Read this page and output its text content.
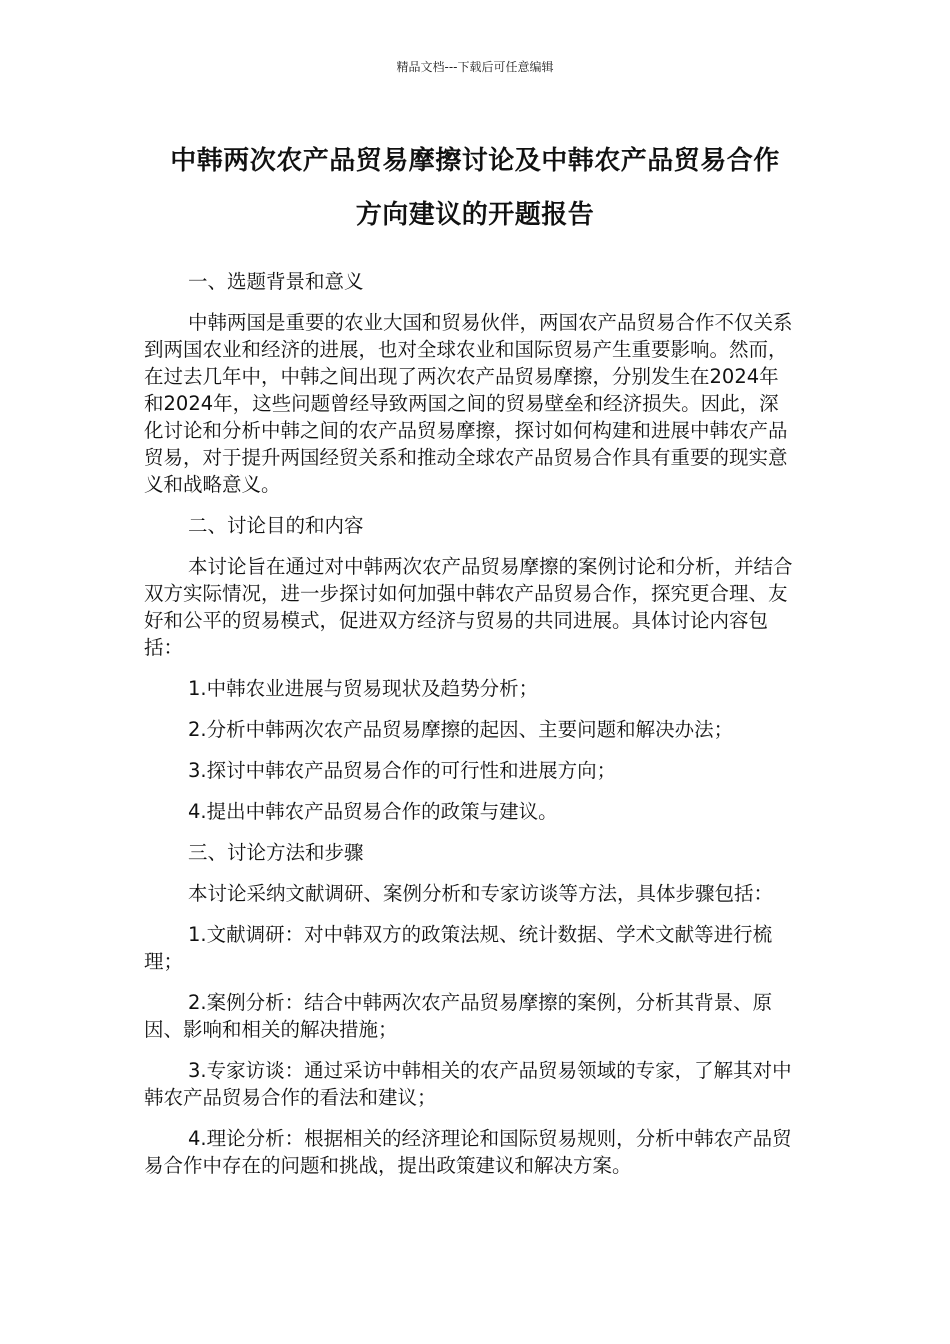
精品文档---下载后可任意编辑
中韩两次农产品贸易摩擦讨论及中韩农产品贸易合作
方向建议的开题报告

一、选题背景和意义

中韩两国是重要的农业大国和贸易伙伴，两国农产品贸易合作不仅关系到两国农业和经济的进展，也对全球农业和国际贸易产生重要影响。然而，在过去几年中，中韩之间出现了两次农产品贸易摩擦，分别发生在2024年和2024年，这些问题曾经导致两国之间的贸易壁垒和经济损失。因此，深化讨论和分析中韩之间的农产品贸易摩擦，探讨如何构建和进展中韩农产品贸易，对于提升两国经贸关系和推动全球农产品贸易合作具有重要的现实意义和战略意义。

二、讨论目的和内容

本讨论旨在通过对中韩两次农产品贸易摩擦的案例讨论和分析，并结合双方实际情况，进一步探讨如何加强中韩农产品贸易合作，探究更合理、友好和公平的贸易模式，促进双方经济与贸易的共同进展。具体讨论内容包括：

1.中韩农业进展与贸易现状及趋势分析；

2.分析中韩两次农产品贸易摩擦的起因、主要问题和解决办法；

3.探讨中韩农产品贸易合作的可行性和进展方向；

4.提出中韩农产品贸易合作的政策与建议。

三、讨论方法和步骤

本讨论采纳文献调研、案例分析和专家访谈等方法，具体步骤包括：

1.文献调研：对中韩双方的政策法规、统计数据、学术文献等进行梳理；

2.案例分析：结合中韩两次农产品贸易摩擦的案例，分析其背景、原因、影响和相关的解决措施；

3.专家访谈：通过采访中韩相关的农产品贸易领域的专家，了解其对中韩农产品贸易合作的看法和建议；

4.理论分析：根据相关的经济理论和国际贸易规则，分析中韩农产品贸易合作中存在的问题和挑战，提出政策建议和解决方案。
